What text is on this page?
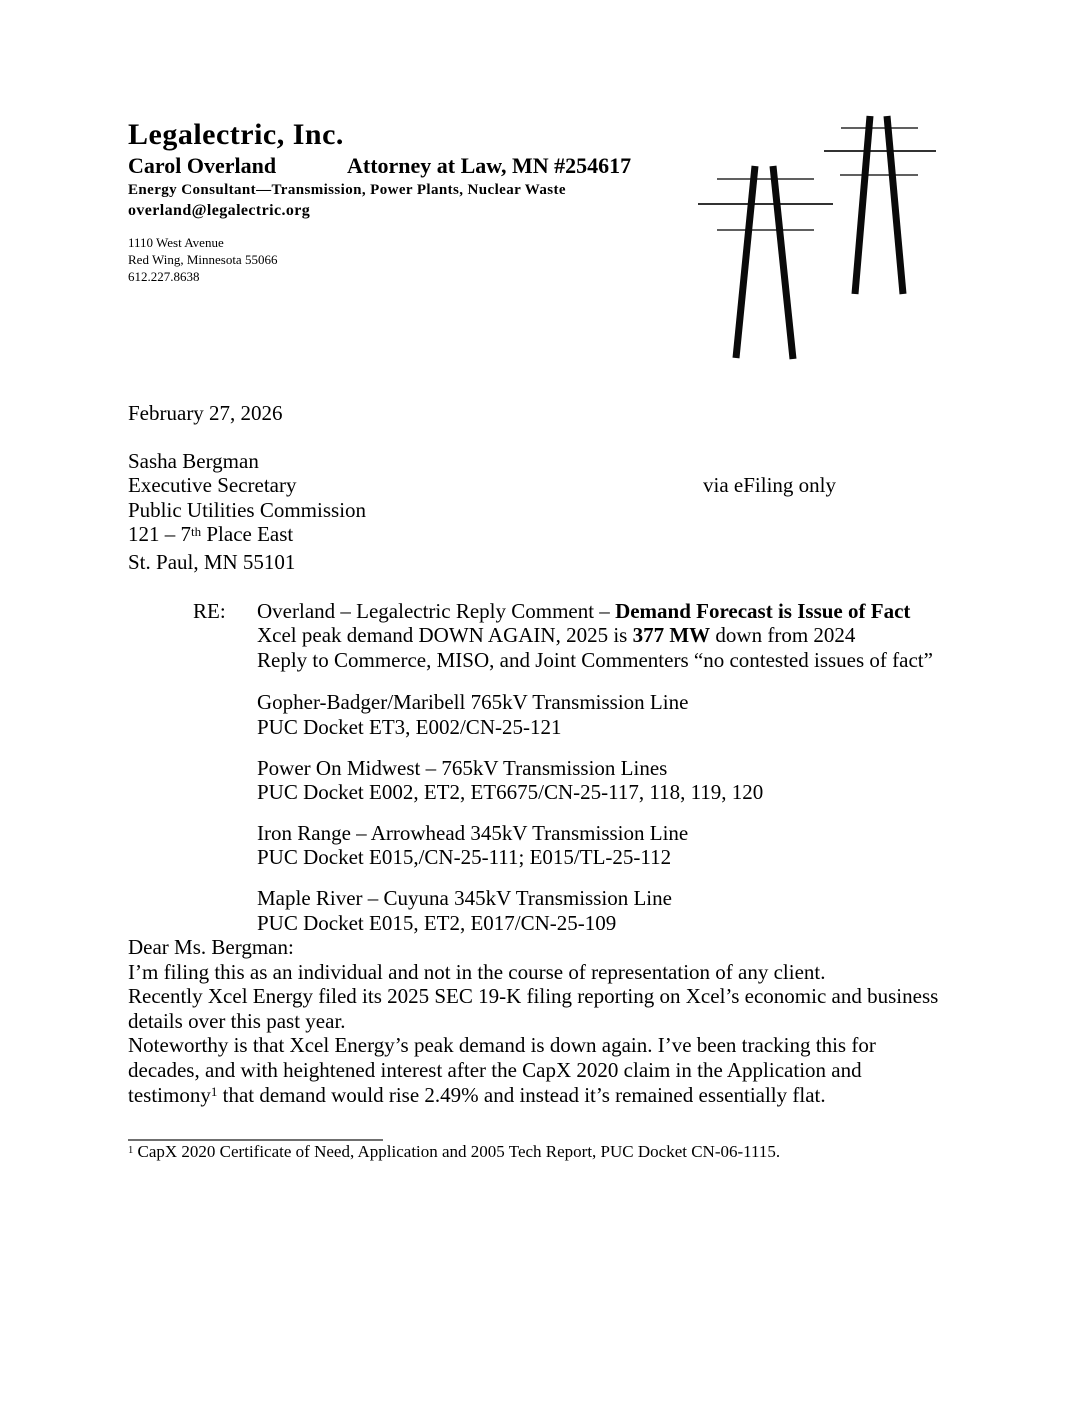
Legalectric, Inc.
Carol Overland	Attorney at Law, MN #254617
Energy Consultant—Transmission, Power Plants, Nuclear Waste
overland@legalectric.org
1110 West Avenue
Red Wing, Minnesota 55066
612.227.8638

February 27, 2026

Sasha Bergman
Executive Secretary
Public Utilities Commission
121 – 7th Place East
St. Paul, MN 55101
via eFiling only
RE:	Overland – Legalectric Reply Comment – Demand Forecast is Issue of Fact
Xcel peak demand DOWN AGAIN, 2025 is 377 MW down from 2024
Reply to Commerce, MISO, and Joint Commenters “no contested issues of fact”
Gopher-Badger/Maribell 765kV Transmission Line
PUC Docket ET3, E002/CN-25-121
Power On Midwest – 765kV Transmission Lines
PUC Docket E002, ET2, ET6675/CN-25-117, 118, 119, 120
Iron Range – Arrowhead 345kV Transmission Line
PUC Docket E015,/CN-25-111; E015/TL-25-112
Maple River – Cuyuna 345kV Transmission Line
PUC Docket E015, ET2, E017/CN-25-109

Dear Ms. Bergman:

I’m filing this as an individual and not in the course of representation of any client.

Recently Xcel Energy filed its 2025 SEC 19-K filing reporting on Xcel’s economic and business details over this past year.

Noteworthy is that Xcel Energy’s peak demand is down again. I’ve been tracking this for decades, and with heightened interest after the CapX 2020 claim in the Application and testimony$^1$ that demand would rise 2.49% and instead it’s remained essentially flat.

$^1$ CapX 2020 Certificate of Need, Application and 2005 Tech Report, PUC Docket CN-06-1115.
